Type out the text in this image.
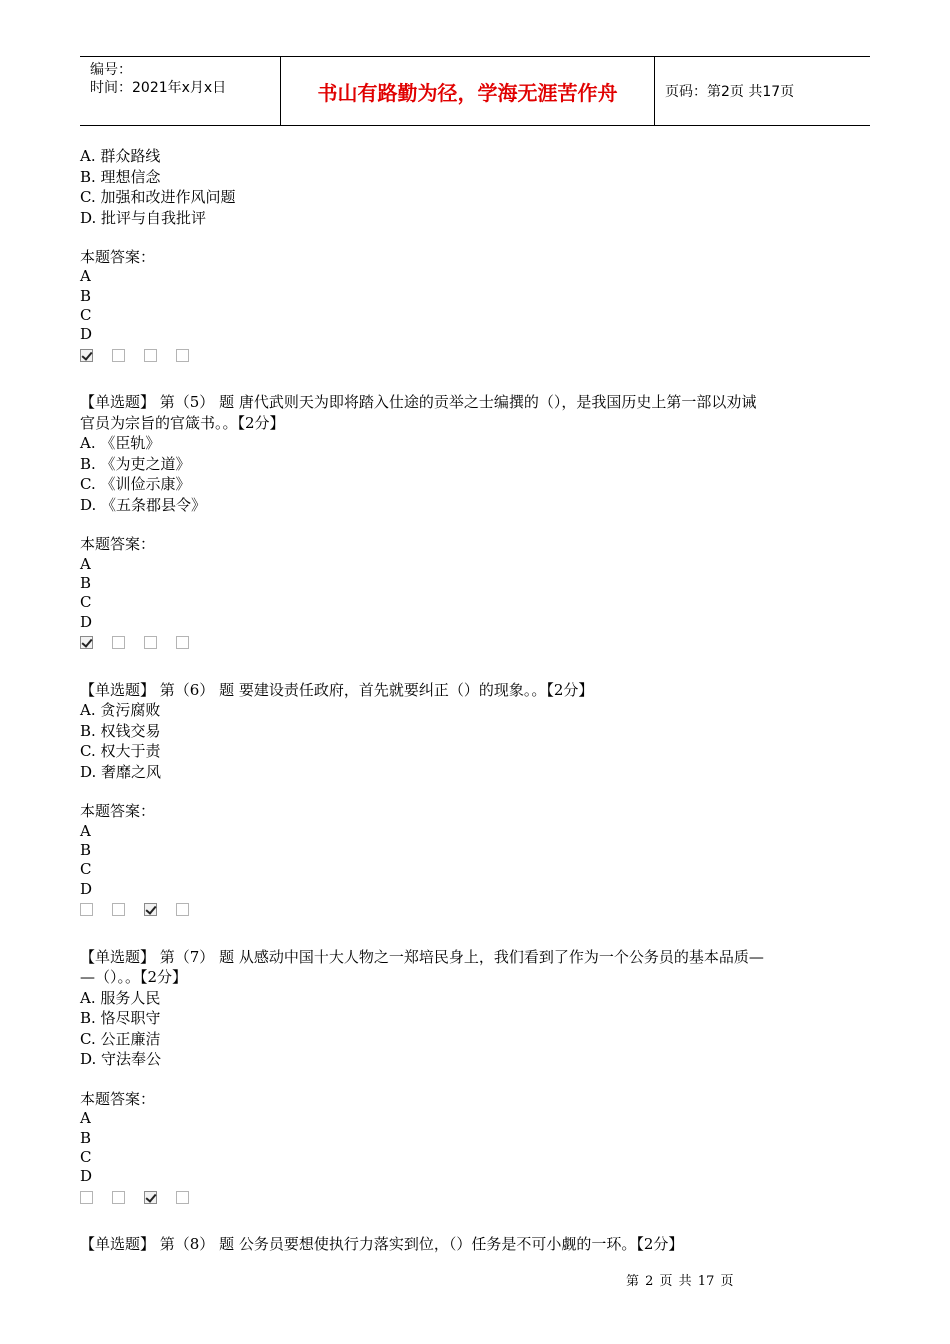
编号：
时间：2021年x月x日	书山有路勤为径，学海无涯苦作舟	页码：第2页 共17页
A. 群众路线
B. 理想信念
C. 加强和改进作风问题
D. 批评与自我批评
本题答案：
A
B
C
D
【单选题】 第（5） 题 唐代武则天为即将踏入仕途的贡举之士编撰的（），是我国历史上第一部以劝诫
官员为宗旨的官箴书。。【2分】
A. 《臣轨》
B. 《为吏之道》
C. 《训俭示康》
D. 《五条郡县令》
本题答案：
A
B
C
D
【单选题】 第（6） 题 要建设责任政府，首先就要纠正（）的现象。。【2分】
A. 贪污腐败
B. 权钱交易
C. 权大于责
D. 奢靡之风
本题答案：
A
B
C
D
【单选题】 第（7） 题 从感动中国十大人物之一郑培民身上，我们看到了作为一个公务员的基本品质—
—（）。。【2分】
A. 服务人民
B. 恪尽职守
C. 公正廉洁
D. 守法奉公
本题答案：
A
B
C
D
【单选题】 第（8） 题 公务员要想使执行力落实到位，（）任务是不可小觑的一环。【2分】
第 2 页 共 17 页
